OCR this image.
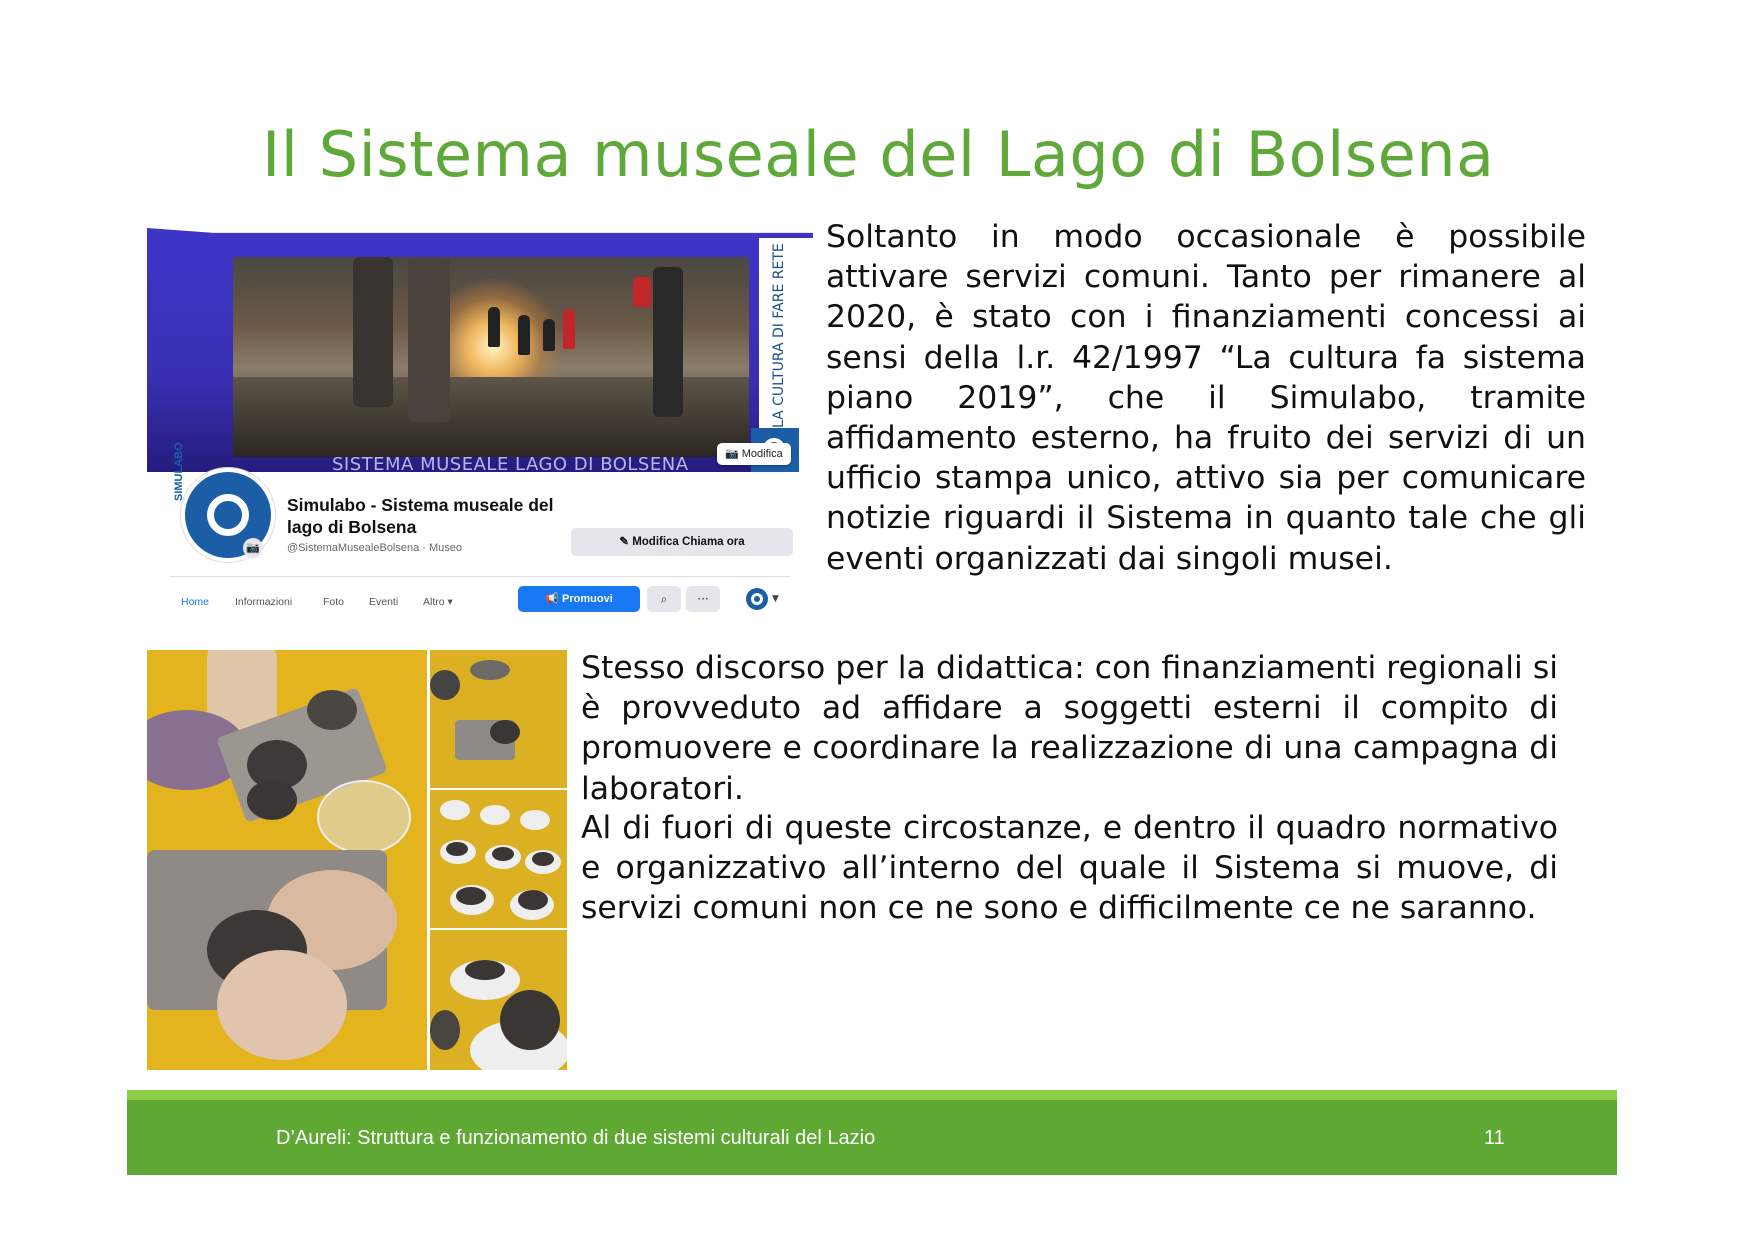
Il Sistema museale del Lago di Bolsena
LA CULTURA DI FARE RETE
SISTEMA MUSEALE LAGO DI BOLSENA	📷 Modifica
SIMULABO
📷
Simulabo - Sistema museale del lago di Bolsena
@SistemaMusealeBolsena · Museo	✎ Modifica Chiama ora
Home Informazioni	Foto Eventi Altro ▾	📢 Promuovi	⌕	···	▼
Soltanto in modo occasionale è possibile attivare servizi comuni. Tanto per rimanere al 2020, è stato con i finanziamenti concessi ai sensi della l.r. 42/1997 “La cultura fa sistema piano 2019”, che il Simulabo, tramite affidamento esterno, ha fruito dei servizi di un ufficio stampa unico, attivo sia per comunicare notizie riguardi il Sistema in quanto tale che gli eventi organizzati dai singoli musei.
Stesso discorso per la didattica: con finanziamenti regionali si è provveduto ad affidare a soggetti esterni il compito di promuovere e coordinare la realizzazione di una campagna di laboratori.
Al di fuori di queste circostanze, e dentro il quadro normativo e organizzativo all’interno del quale il Sistema si muove, di servizi comuni non ce ne sono e difficilmente ce ne saranno.
D’Aureli: Struttura e funzionamento di due sistemi culturali del Lazio	11
